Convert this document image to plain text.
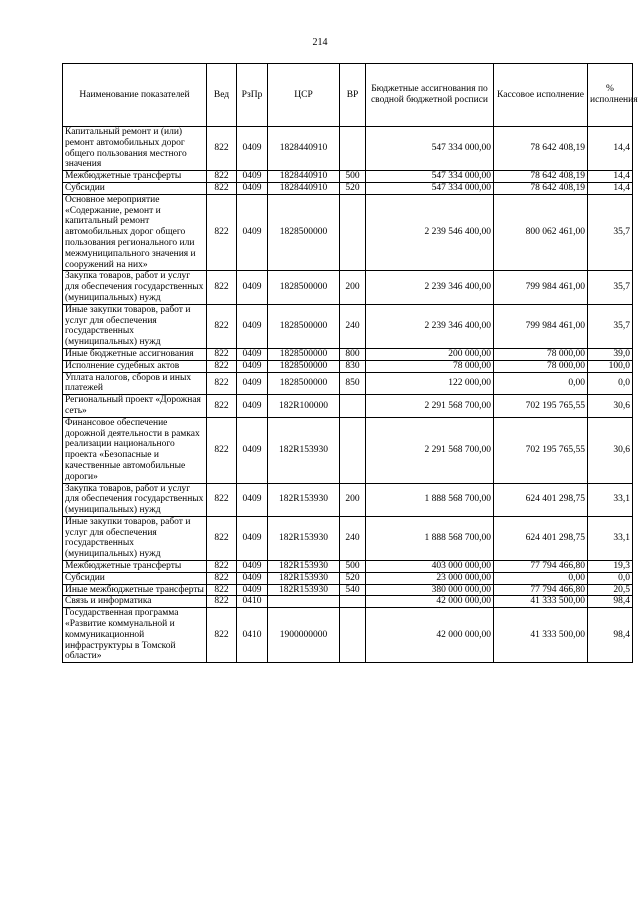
214
Наименование показателей	Вед	РзПр	ЦСР	ВР	Бюджетные ассигнования по сводной бюджетной росписи	Кассовое исполнение	% исполнения
Капитальный ремонт и (или) ремонт автомобильных дорог общего пользования местного значения	822	0409	1828440910		547 334 000,00	78 642 408,19	14,4
Межбюджетные трансферты	822	0409	1828440910	500	547 334 000,00	78 642 408,19	14,4
Субсидии	822	0409	1828440910	520	547 334 000,00	78 642 408,19	14,4
Основное мероприятие «Содержание, ремонт и капитальный ремонт автомобильных дорог общего пользования регионального или межмуниципального значения и сооружений на них»	822	0409	1828500000		2 239 546 400,00	800 062 461,00	35,7
Закупка товаров, работ и услуг для обеспечения государственных (муниципальных) нужд	822	0409	1828500000	200	2 239 346 400,00	799 984 461,00	35,7
Иные закупки товаров, работ и услуг для обеспечения государственных (муниципальных) нужд	822	0409	1828500000	240	2 239 346 400,00	799 984 461,00	35,7
Иные бюджетные ассигнования	822	0409	1828500000	800	200 000,00	78 000,00	39,0
Исполнение судебных актов	822	0409	1828500000	830	78 000,00	78 000,00	100,0
Уплата налогов, сборов и иных платежей	822	0409	1828500000	850	122 000,00	0,00	0,0
Региональный проект «Дорожная сеть»	822	0409	182R100000		2 291 568 700,00	702 195 765,55	30,6
Финансовое обеспечение дорожной деятельности в рамках реализации национального проекта «Безопасные и качественные автомобильные дороги»	822	0409	182R153930		2 291 568 700,00	702 195 765,55	30,6
Закупка товаров, работ и услуг для обеспечения государственных (муниципальных) нужд	822	0409	182R153930	200	1 888 568 700,00	624 401 298,75	33,1
Иные закупки товаров, работ и услуг для обеспечения государственных (муниципальных) нужд	822	0409	182R153930	240	1 888 568 700,00	624 401 298,75	33,1
Межбюджетные трансферты	822	0409	182R153930	500	403 000 000,00	77 794 466,80	19,3
Субсидии	822	0409	182R153930	520	23 000 000,00	0,00	0,0
Иные межбюджетные трансферты	822	0409	182R153930	540	380 000 000,00	77 794 466,80	20,5
Связь и информатика	822	0410			42 000 000,00	41 333 500,00	98,4
Государственная программа «Развитие коммунальной и коммуникационной инфраструктуры в Томской области»	822	0410	1900000000		42 000 000,00	41 333 500,00	98,4
